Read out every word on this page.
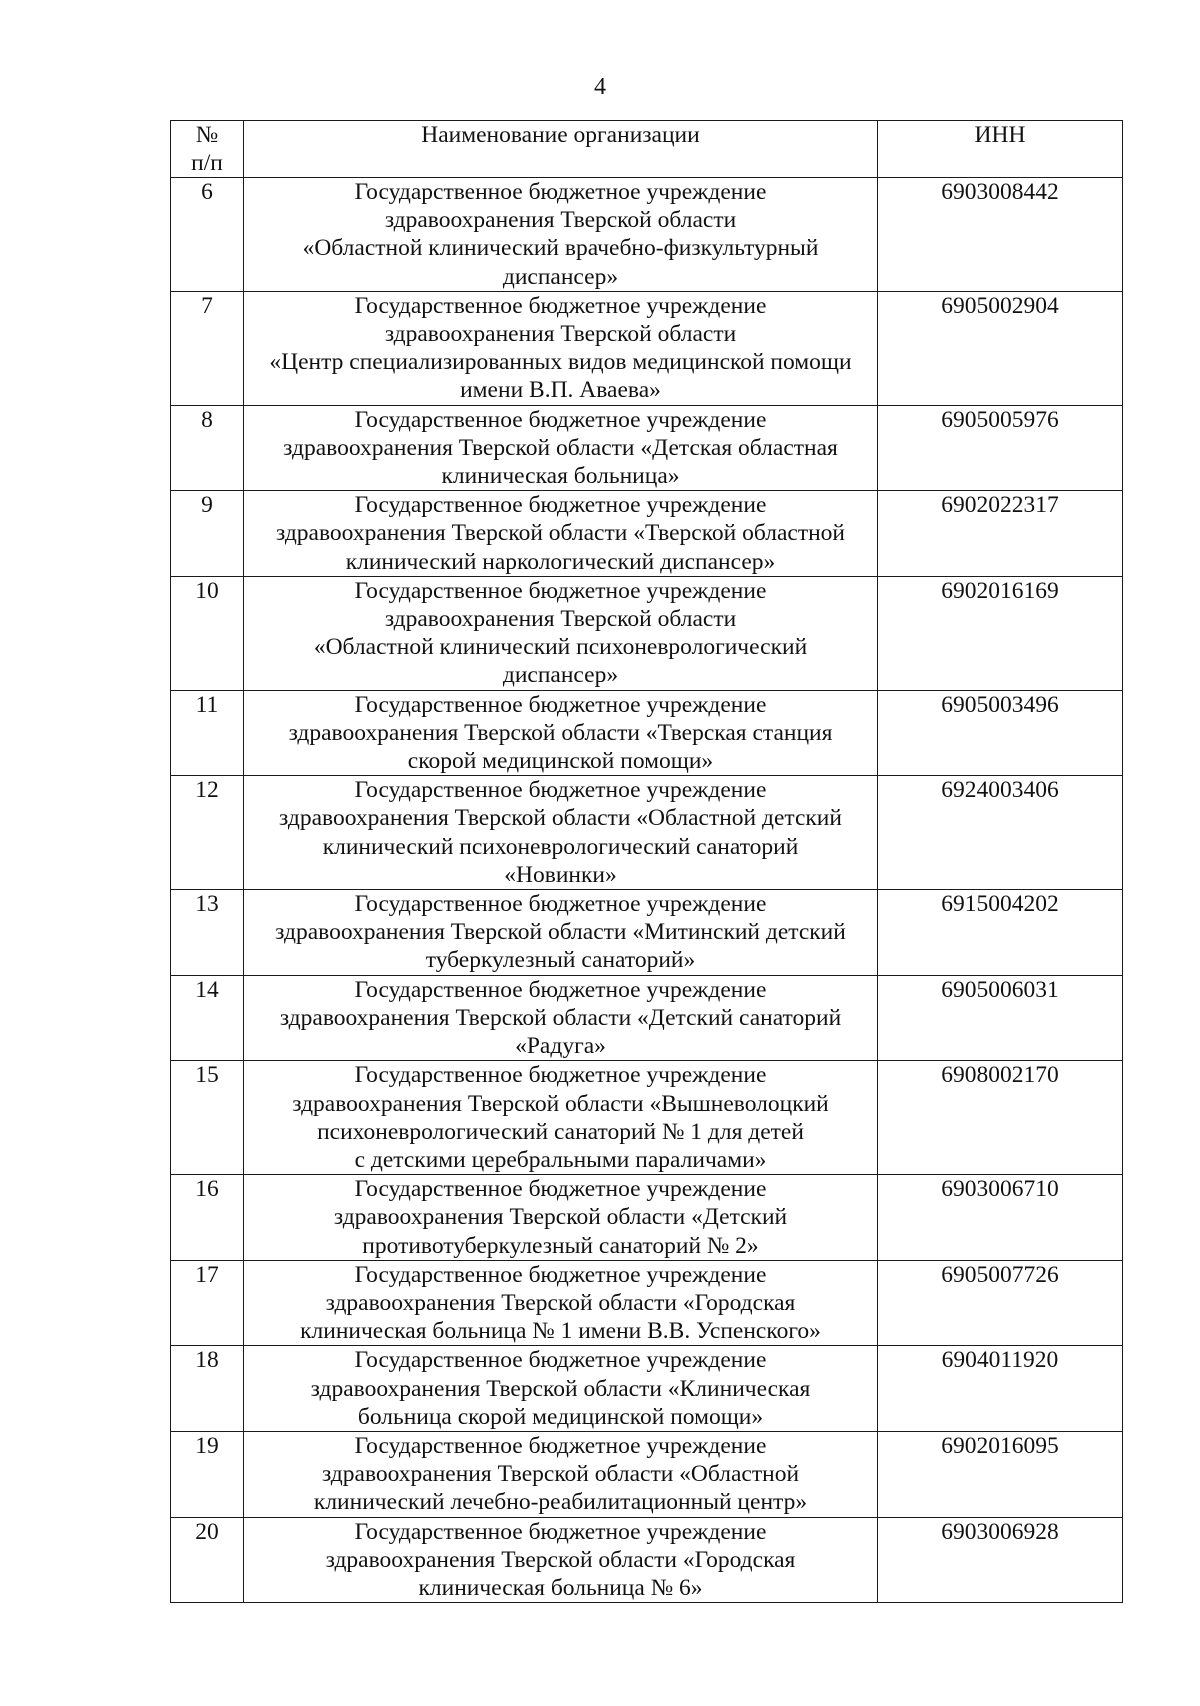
4
№
п/п	Наименование организации	ИНН

6	Государственное бюджетное учреждение
здравоохранения Тверской области
«Областной клинический врачебно-физкультурный
диспансер»	6903008442
7	Государственное бюджетное учреждение
здравоохранения Тверской области
«Центр специализированных видов медицинской помощи
имени В.П. Аваева»	6905002904
8	Государственное бюджетное учреждение
здравоохранения Тверской области «Детская областная
клиническая больница»	6905005976
9	Государственное бюджетное учреждение
здравоохранения Тверской области «Тверской областной
клинический наркологический диспансер»	6902022317
10	Государственное бюджетное учреждение
здравоохранения Тверской области
«Областной клинический психоневрологический
диспансер»	6902016169
11	Государственное бюджетное учреждение
здравоохранения Тверской области «Тверская станция
скорой медицинской помощи»	6905003496
12	Государственное бюджетное учреждение
здравоохранения Тверской области «Областной детский
клинический психоневрологический санаторий
«Новинки»	6924003406
13	Государственное бюджетное учреждение
здравоохранения Тверской области «Митинский детский
туберкулезный санаторий»	6915004202
14	Государственное бюджетное учреждение
здравоохранения Тверской области «Детский санаторий
«Радуга»	6905006031
15	Государственное бюджетное учреждение
здравоохранения Тверской области «Вышневолоцкий
психоневрологический санаторий № 1 для детей
с детскими церебральными параличами»	6908002170
16	Государственное бюджетное учреждение
здравоохранения Тверской области «Детский
противотуберкулезный санаторий № 2»	6903006710
17	Государственное бюджетное учреждение
здравоохранения Тверской области «Городская
клиническая больница № 1 имени В.В. Успенского»	6905007726
18	Государственное бюджетное учреждение
здравоохранения Тверской области «Клиническая
больница скорой медицинской помощи»	6904011920
19	Государственное бюджетное учреждение
здравоохранения Тверской области «Областной
клинический лечебно-реабилитационный центр»	6902016095
20	Государственное бюджетное учреждение
здравоохранения Тверской области «Городская
клиническая больница № 6»	6903006928
